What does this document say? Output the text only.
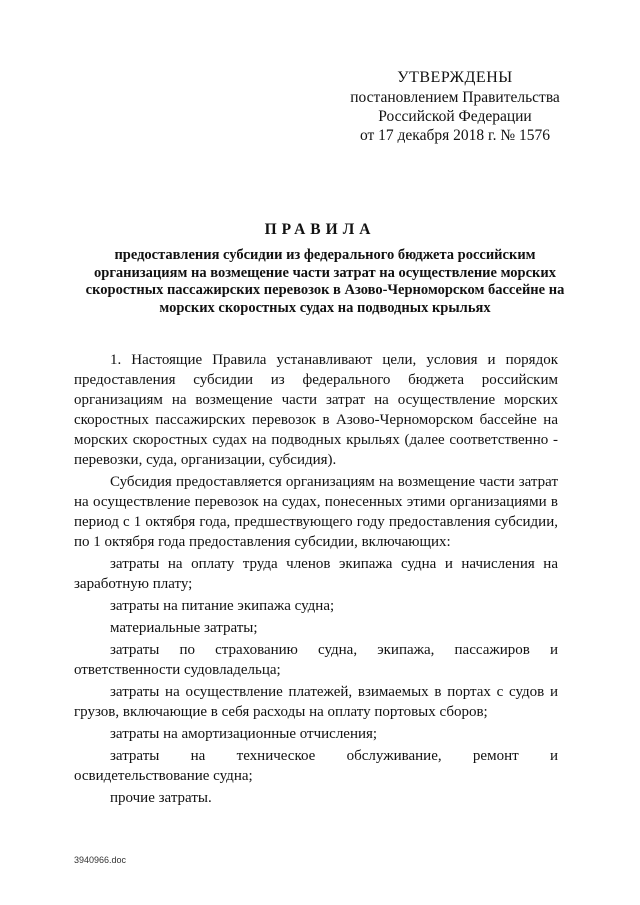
УТВЕРЖДЕНЫ
постановлением Правительства
Российской Федерации
от 17 декабря 2018 г. № 1576
ПРАВИЛА
предоставления субсидии из федерального бюджета российским организациям на возмещение части затрат на осуществление морских скоростных пассажирских перевозок в Азово-Черноморском бассейне на морских скоростных судах на подводных крыльях

1. Настоящие Правила устанавливают цели, условия и порядок предоставления субсидии из федерального бюджета российским организациям на возмещение части затрат на осуществление морских скоростных пассажирских перевозок в Азово-Черноморском бассейне на морских скоростных судах на подводных крыльях (далее соответственно - перевозки, суда, организации, субсидия).

Субсидия предоставляется организациям на возмещение части затрат на осуществление перевозок на судах, понесенных этими организациями в период с 1 октября года, предшествующего году предоставления субсидии, по 1 октября года предоставления субсидии, включающих:

затраты на оплату труда членов экипажа судна и начисления на заработную плату;

затраты на питание экипажа судна;

материальные затраты;

затраты по страхованию судна, экипажа, пассажиров и ответственности судовладельца;

затраты на осуществление платежей, взимаемых в портах с судов и грузов, включающие в себя расходы на оплату портовых сборов;

затраты на амортизационные отчисления;

затраты на техническое обслуживание, ремонт и освидетельствование судна;

прочие затраты.

3940966.doc
